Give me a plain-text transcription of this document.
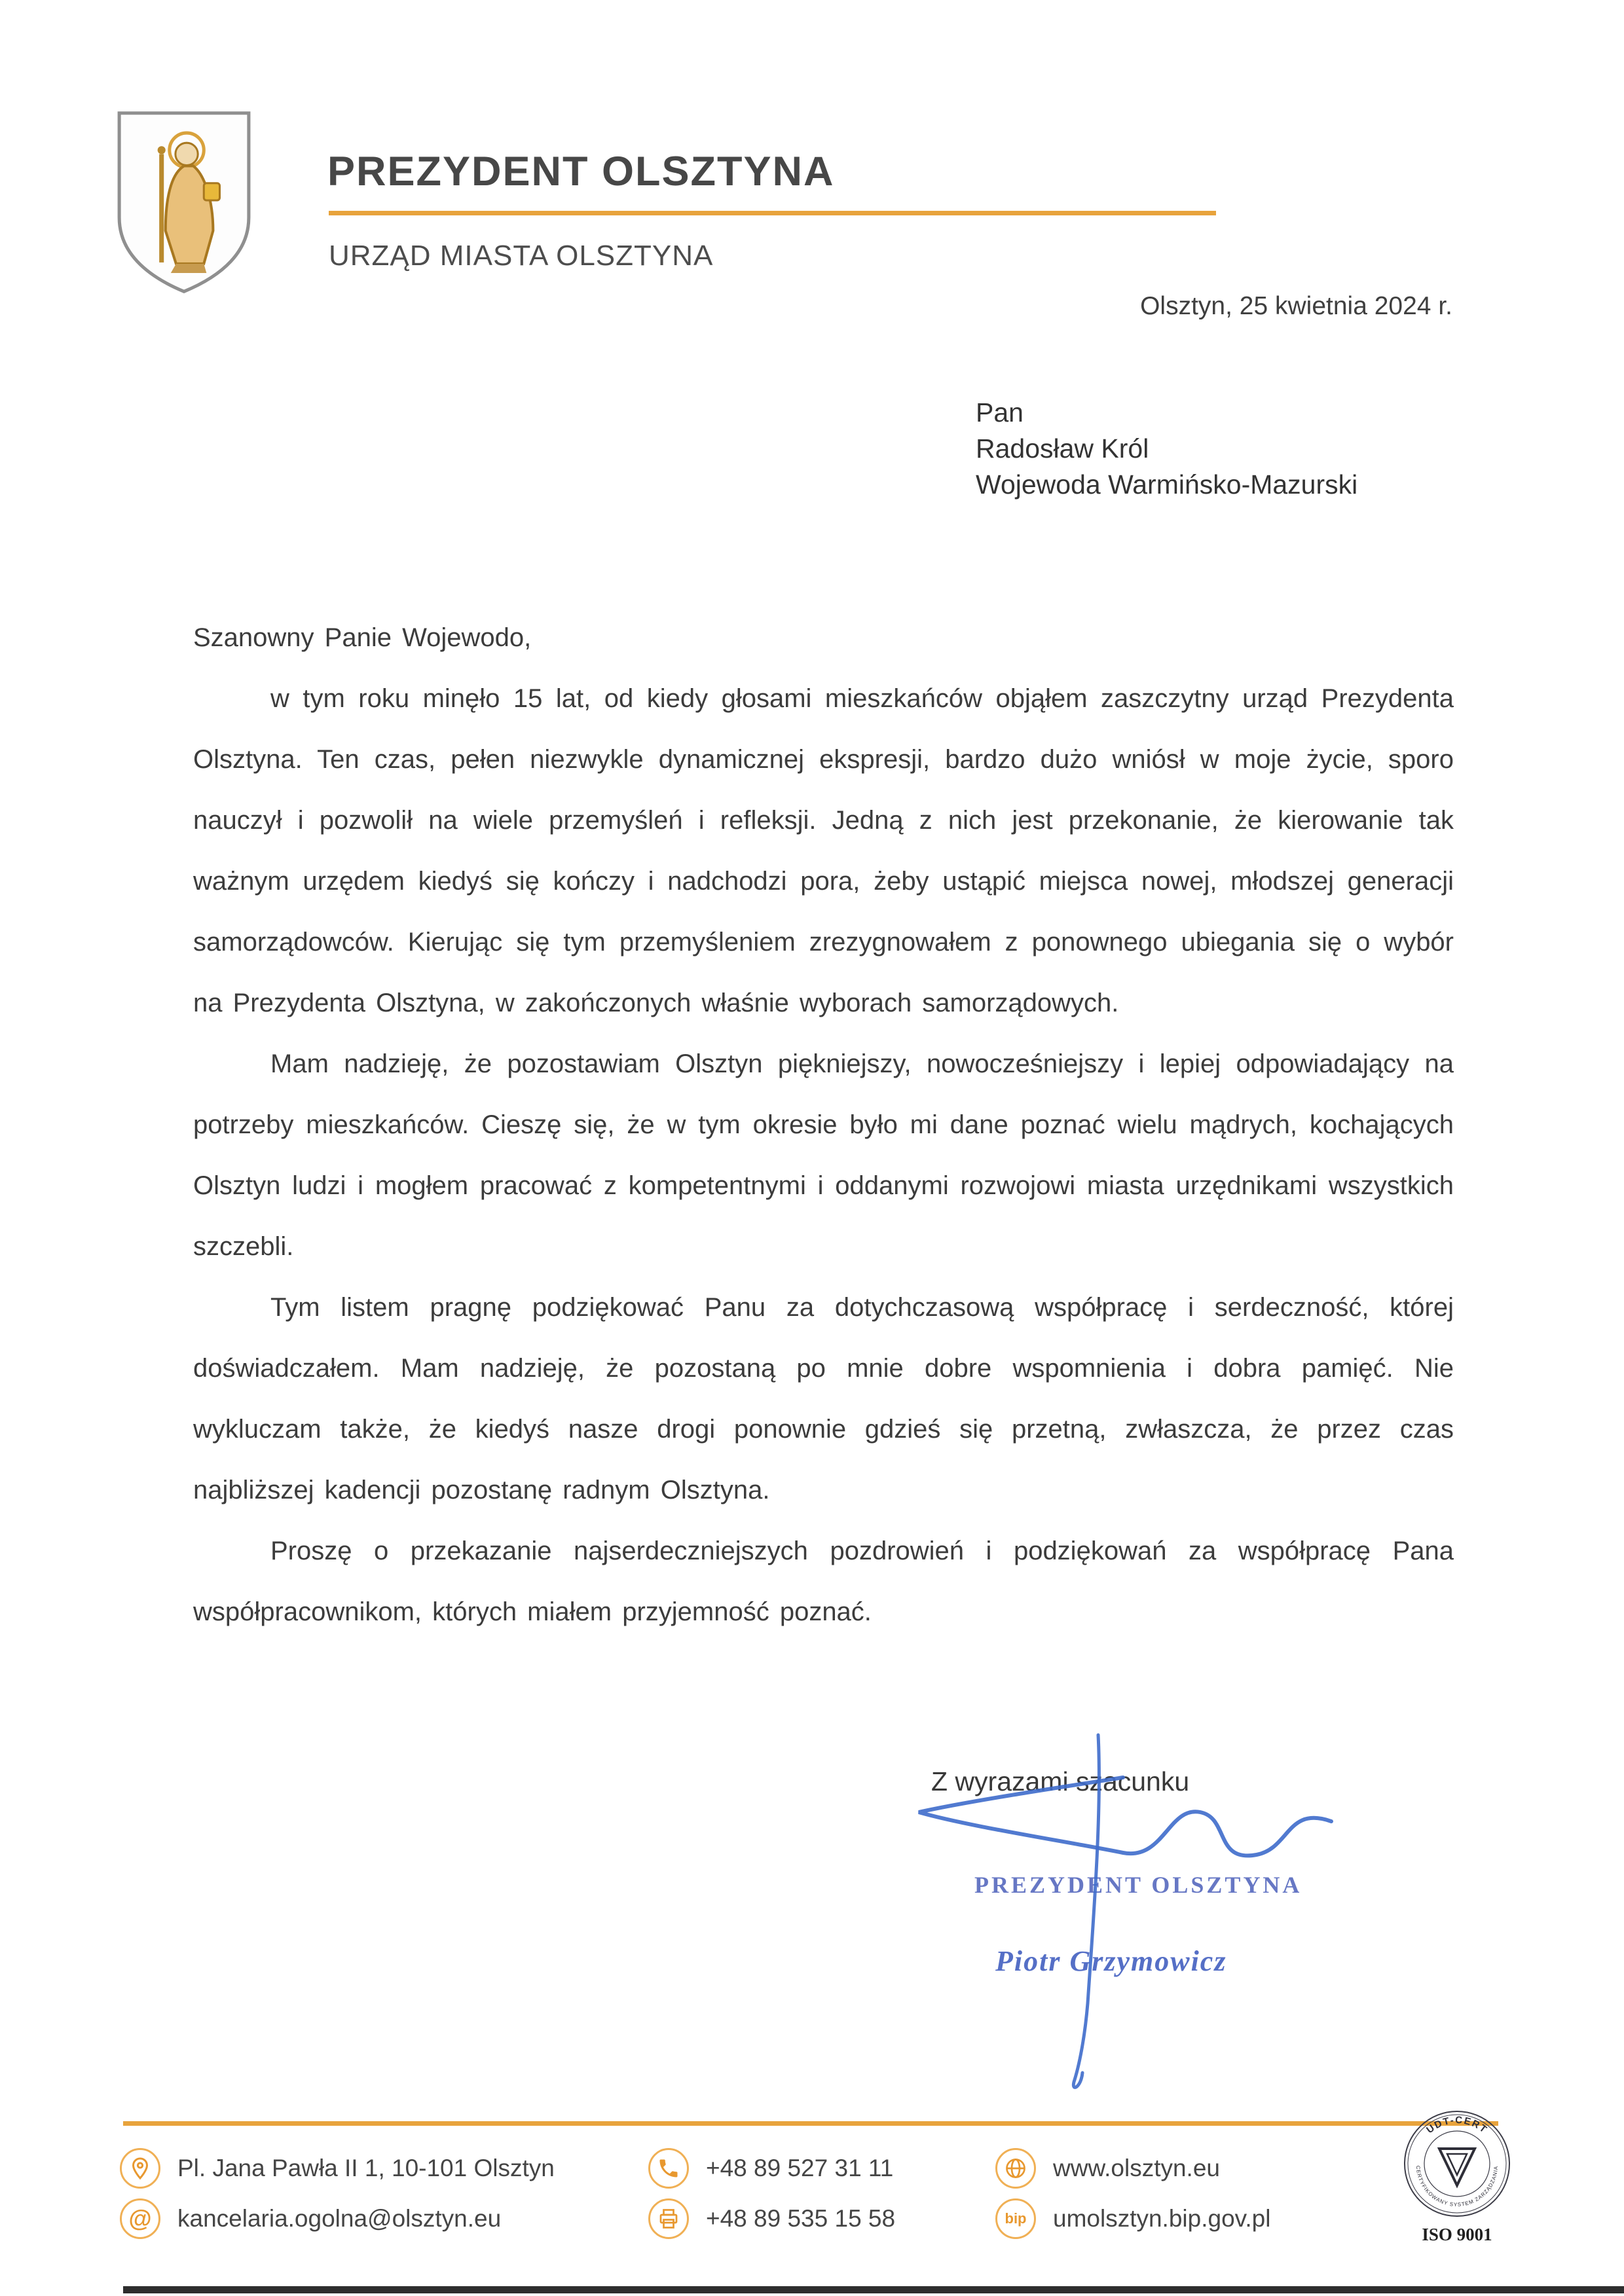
PREZYDENT OLSZTYNA
URZĄD MIASTA OLSZTYNA
Olsztyn, 25 kwietnia 2024 r.
Pan
Radosław Król
Wojewoda Warmińsko-Mazurski

Szanowny Panie Wojewodo,

w tym roku minęło 15 lat, od kiedy głosami mieszkańców objąłem zaszczytny urząd Prezydenta Olsztyna. Ten czas, pełen niezwykle dynamicznej ekspresji, bardzo dużo wniósł w moje życie, sporo nauczył i pozwolił na wiele przemyśleń i refleksji. Jedną z nich jest przekonanie, że kierowanie tak ważnym urzędem kiedyś się kończy i nadchodzi pora, żeby ustąpić miejsca nowej, młodszej generacji samorządowców. Kierując się tym przemyśleniem zrezygnowałem z ponownego ubiegania się o wybór na Prezydenta Olsztyna, w zakończonych właśnie wyborach samorządowych.

Mam nadzieję, że pozostawiam Olsztyn piękniejszy, nowocześniejszy i lepiej odpowiadający na potrzeby mieszkańców. Cieszę się, że w tym okresie było mi dane poznać wielu mądrych, kochających Olsztyn ludzi i mogłem pracować z kompetentnymi i oddanymi rozwojowi miasta urzędnikami wszystkich szczebli.

Tym listem pragnę podziękować Panu za dotychczasową współpracę i serdeczność, której doświadczałem. Mam nadzieję, że pozostaną po mnie dobre wspomnienia i dobra pamięć. Nie wykluczam także, że kiedyś nasze drogi ponownie gdzieś się przetną, zwłaszcza, że przez czas najbliższej kadencji pozostanę radnym Olsztyna.

Proszę o przekazanie najserdeczniejszych pozdrowień i podziękowań za współpracę Pana współpracownikom, których miałem przyjemność poznać.

Z wyrazami szacunku
PREZYDENT OLSZTYNA
Piotr Grzymowicz
Pl. Jana Pawła II 1, 10-101 Olsztyn
@	kancelaria.ogolna@olsztyn.eu
+48 89 527 31 11
+48 89 535 15 58
www.olsztyn.eu
bip	umolsztyn.bip.gov.pl
UDT-CERT
CERTYFIKOWANY SYSTEM ZARZĄDZANIA
ISO 9001
